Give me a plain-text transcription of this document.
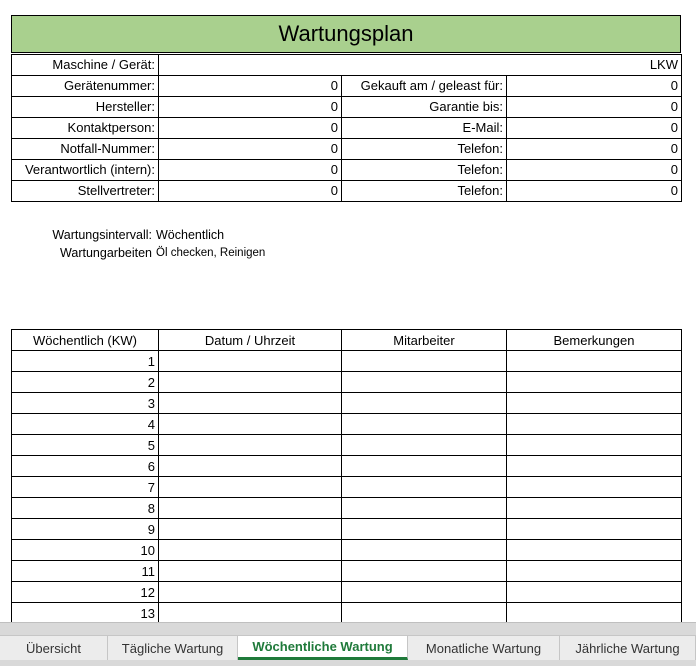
Wartungsplan
Maschine / Gerät:	LKW		
Gerätenummer:	0	Gekauft am / geleast für:	0
Hersteller:	0	Garantie bis:	0
Kontaktperson:	0	E-Mail:	0
Notfall-Nummer:	0	Telefon:	0
Verantwortlich (intern):	0	Telefon:	0
Stellvertreter:	0	Telefon:	0
Wartungsintervall: Wöchentlich
Wartungarbeiten Öl checken, Reinigen
Wöchentlich (KW)	Datum / Uhrzeit	Mitarbeiter	Bemerkungen
1			
2			
3			
4			
5			
6			
7			
8			
9			
10			
11			
12			
13			
Übersicht	Tägliche Wartung	Wöchentliche Wartung	Monatliche Wartung	Jährliche Wartung
